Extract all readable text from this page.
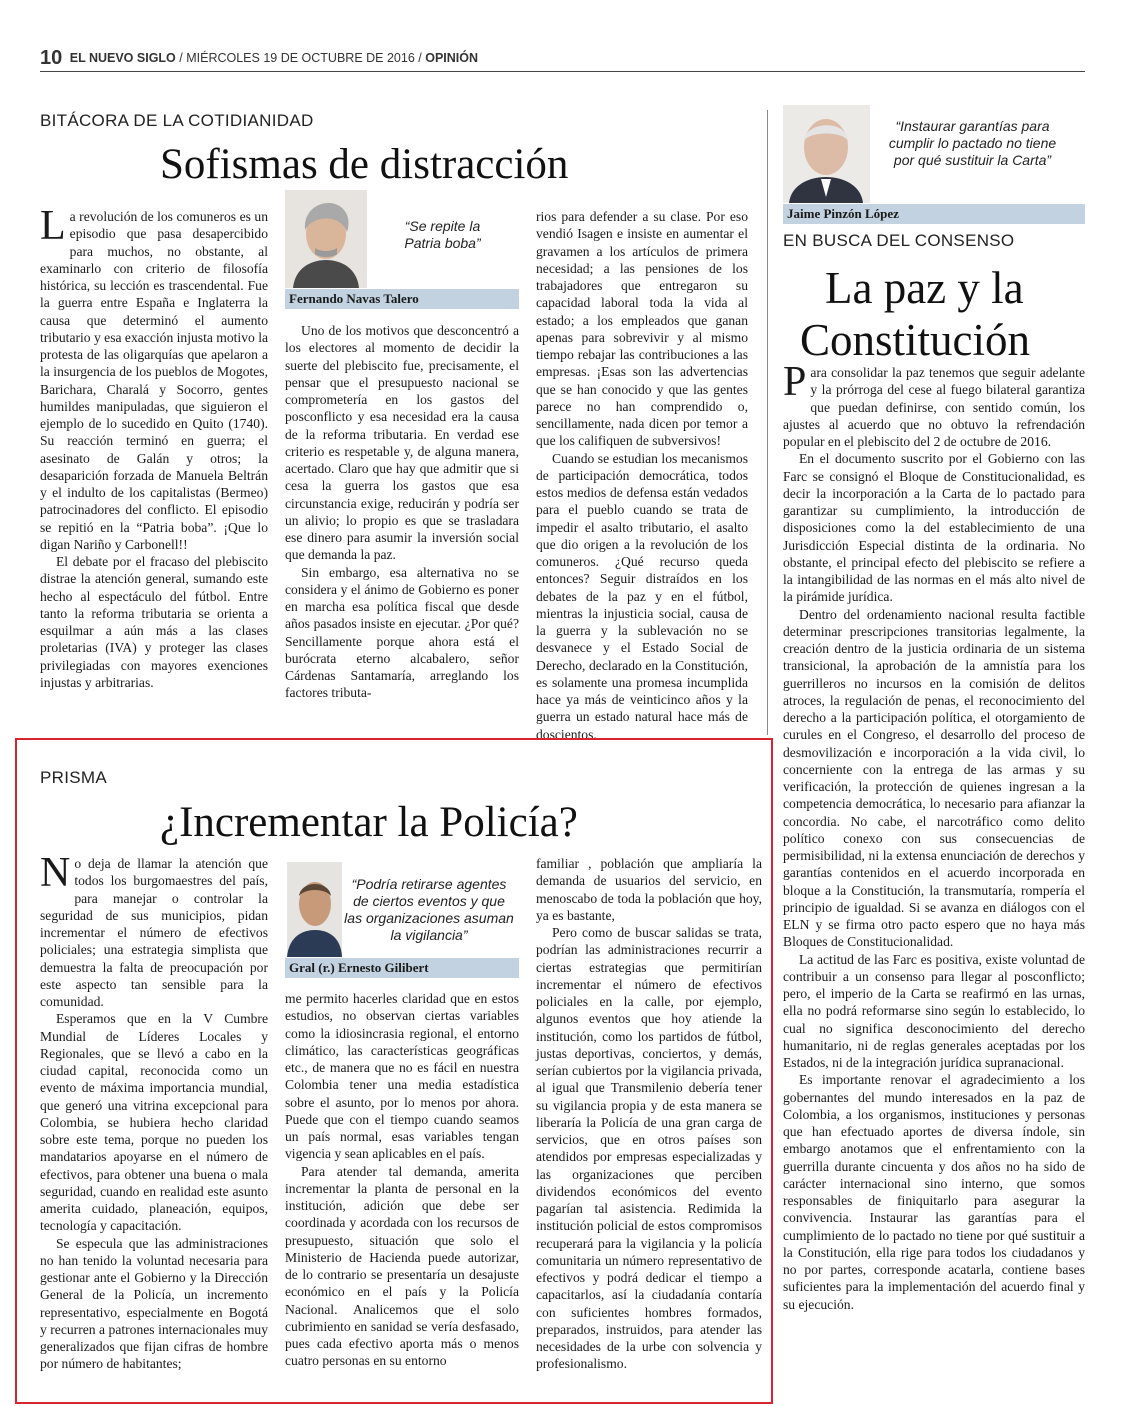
10 EL NUEVO SIGLO / MIÉRCOLES 19 DE OCTUBRE DE 2016 / OPINIÓN
BITÁCORA DE LA COTIDIANIDAD
Sofismas de distracción

La revolución de los comuneros es un episodio que pasa desapercibido para muchos, no obstante, al examinarlo con criterio de filosofía histórica, su lección es trascendental. Fue la guerra entre España e Inglaterra la causa que determinó el aumento tributario y esa exacción injusta motivo la protesta de las oligarquías que apelaron a la insurgencia de los pueblos de Mogotes, Barichara, Charalá y Socorro, gentes humildes manipuladas, que siguieron el ejemplo de lo sucedido en Quito (1740). Su reacción terminó en guerra; el asesinato de Galán y otros; la desaparición forzada de Manuela Beltrán y el indulto de los capitalistas (Bermeo) patrocinadores del conflicto. El episodio se repitió en la “Patria boba”. ¡Que lo digan Nariño y Carbonell!!

El debate por el fracaso del plebiscito distrae la atención general, sumando este hecho al espectáculo del fútbol. Entre tanto la reforma tributaria se orienta a esquilmar a aún más a las clases proletarias (IVA) y proteger las clases privilegiadas con mayores exenciones injustas y arbitrarias.

“Se repite la Patria boba”
Fernando Navas Talero

Uno de los motivos que desconcentró a los electores al momento de decidir la suerte del plebiscito fue, precisamente, el pensar que el presupuesto nacional se comprometería en los gastos del posconflicto y esa necesidad era la causa de la reforma tributaria. En verdad ese criterio es respetable y, de alguna manera, acertado. Claro que hay que admitir que si cesa la guerra los gastos que esa circunstancia exige, reducirán y podría ser un alivio; lo propio es que se trasladara ese dinero para asumir la inversión social que demanda la paz.

Sin embargo, esa alternativa no se considera y el ánimo de Gobierno es poner en marcha esa política fiscal que desde años pasados insiste en ejecutar. ¿Por qué? Sencillamente porque ahora está el burócrata eterno alcabalero, señor Cárdenas Santamaría, arreglando los factores tributa-

rios para defender a su clase. Por eso vendió Isagen e insiste en aumentar el gravamen a los artículos de primera necesidad; a las pensiones de los trabajadores que entregaron su capacidad laboral toda la vida al estado; a los empleados que ganan apenas para sobrevivir y al mismo tiempo rebajar las contribuciones a las empresas. ¡Esas son las advertencias que se han conocido y que las gentes parece no han comprendido o, sencillamente, nada dicen por temor a que los califiquen de subversivos!

Cuando se estudian los mecanismos de participación democrática, todos estos medios de defensa están vedados para el pueblo cuando se trata de impedir el asalto tributario, el asalto que dio origen a la revolución de los comuneros. ¿Qué recurso queda entonces? Seguir distraídos en los debates de la paz y en el fútbol, mientras la injusticia social, causa de la guerra y la sublevación no se desvanece y el Estado Social de Derecho, declarado en la Constitución, es solamente una promesa incumplida hace ya más de veinticinco años y la guerra un estado natural hace más de doscientos.

“Instaurar garantías para cumplir lo pactado no tiene por qué sustituir la Carta”
Jaime Pinzón López
EN BUSCA DEL CONSENSO
La paz y la
Constitución

Para consolidar la paz tenemos que seguir adelante y la prórroga del cese al fuego bilateral garantiza que puedan definirse, con sentido común, los ajustes al acuerdo que no obtuvo la refrendación popular en el plebiscito del 2 de octubre de 2016.

En el documento suscrito por el Gobierno con las Farc se consignó el Bloque de Constitucionalidad, es decir la incorporación a la Carta de lo pactado para garantizar su cumplimiento, la introducción de disposiciones como la del establecimiento de una Jurisdicción Especial distinta de la ordinaria. No obstante, el principal efecto del plebiscito se refiere a la intangibilidad de las normas en el más alto nivel de la pirámide jurídica.

Dentro del ordenamiento nacional resulta factible determinar prescripciones transitorias legalmente, la creación dentro de la justicia ordinaria de un sistema transicional, la aprobación de la amnistía para los guerrilleros no incursos en la comisión de delitos atroces, la regulación de penas, el reconocimiento del derecho a la participación política, el otorgamiento de curules en el Congreso, el desarrollo del proceso de desmovilización e incorporación a la vida civil, lo concerniente con la entrega de las armas y su verificación, la protección de quienes ingresan a la competencia democrática, lo necesario para afianzar la concordia. No cabe, el narcotráfico como delito político conexo con sus consecuencias de permisibilidad, ni la extensa enunciación de derechos y garantías contenidos en el acuerdo incorporada en bloque a la Constitución, la transmutaría, rompería el principio de igualdad. Si se avanza en diálogos con el ELN y se firma otro pacto espero que no haya más Bloques de Constitucionalidad.

La actitud de las Farc es positiva, existe voluntad de contribuir a un consenso para llegar al posconflicto; pero, el imperio de la Carta se reafirmó en las urnas, ella no podrá reformarse sino según lo establecido, lo cual no significa desconocimiento del derecho humanitario, ni de reglas generales aceptadas por los Estados, ni de la integración jurídica supranacional.

Es importante renovar el agradecimiento a los gobernantes del mundo interesados en la paz de Colombia, a los organismos, instituciones y personas que han efectuado aportes de diversa índole, sin embargo anotamos que el enfrentamiento con la guerrilla durante cincuenta y dos años no ha sido de carácter internacional sino interno, que somos responsables de finiquitarlo para asegurar la convivencia. Instaurar las garantías para el cumplimiento de lo pactado no tiene por qué sustituir a la Constitución, ella rige para todos los ciudadanos y no por partes, corresponde acatarla, contiene bases suficientes para la implementación del acuerdo final y su ejecución.

PRISMA
¿Incrementar la Policía?

No deja de llamar la atención que todos los burgomaestres del país, para manejar o controlar la seguridad de sus municipios, pidan incrementar el número de efectivos policiales; una estrategia simplista que demuestra la falta de preocupación por este aspecto tan sensible para la comunidad.

Esperamos que en la V Cumbre Mundial de Líderes Locales y Regionales, que se llevó a cabo en la ciudad capital, reconocida como un evento de máxima importancia mundial, que generó una vitrina excepcional para Colombia, se hubiera hecho claridad sobre este tema, porque no pueden los mandatarios apoyarse en el número de efectivos, para obtener una buena o mala seguridad, cuando en realidad este asunto amerita cuidado, planeación, equipos, tecnología y capacitación.

Se especula que las administraciones no han tenido la voluntad necesaria para gestionar ante el Gobierno y la Dirección General de la Policía, un incremento representativo, especialmente en Bogotá y recurren a patrones internacionales muy generalizados que fijan cifras de hombre por número de habitantes;

“Podría retirarse agentes de ciertos eventos y que las organizaciones asuman la vigilancia”
Gral (r.) Ernesto Gilibert

me permito hacerles claridad que en estos estudios, no observan ciertas variables como la idiosincrasia regional, el entorno climático, las características geográficas etc., de manera que no es fácil en nuestra Colombia tener una media estadística sobre el asunto, por lo menos por ahora. Puede que con el tiempo cuando seamos un país normal, esas variables tengan vigencia y sean aplicables en el país.

Para atender tal demanda, amerita incrementar la planta de personal en la institución, adición que debe ser coordinada y acordada con los recursos de presupuesto, situación que solo el Ministerio de Hacienda puede autorizar, de lo contrario se presentaría un desajuste económico en el país y la Policía Nacional. Analicemos que el solo cubrimiento en sanidad se vería desfasado, pues cada efectivo aporta más o menos cuatro personas en su entorno

familiar , población que ampliaría la demanda de usuarios del servicio, en menoscabo de toda la población que hoy, ya es bastante,

Pero como de buscar salidas se trata, podrían las administraciones recurrir a ciertas estrategias que permitirían incrementar el número de efectivos policiales en la calle, por ejemplo, algunos eventos que hoy atiende la institución, como los partidos de fútbol, justas deportivas, conciertos, y demás, serían cubiertos por la vigilancia privada, al igual que Transmilenio debería tener su vigilancia propia y de esta manera se liberaría la Policía de una gran carga de servicios, que en otros países son atendidos por empresas especializadas y las organizaciones que perciben dividendos económicos del evento pagarían tal asistencia. Redimida la institución policial de estos compromisos recuperará para la vigilancia y la policía comunitaria un número representativo de efectivos y podrá dedicar el tiempo a capacitarlos, así la ciudadanía contaría con suficientes hombres formados, preparados, instruidos, para atender las necesidades de la urbe con solvencia y profesionalismo.
